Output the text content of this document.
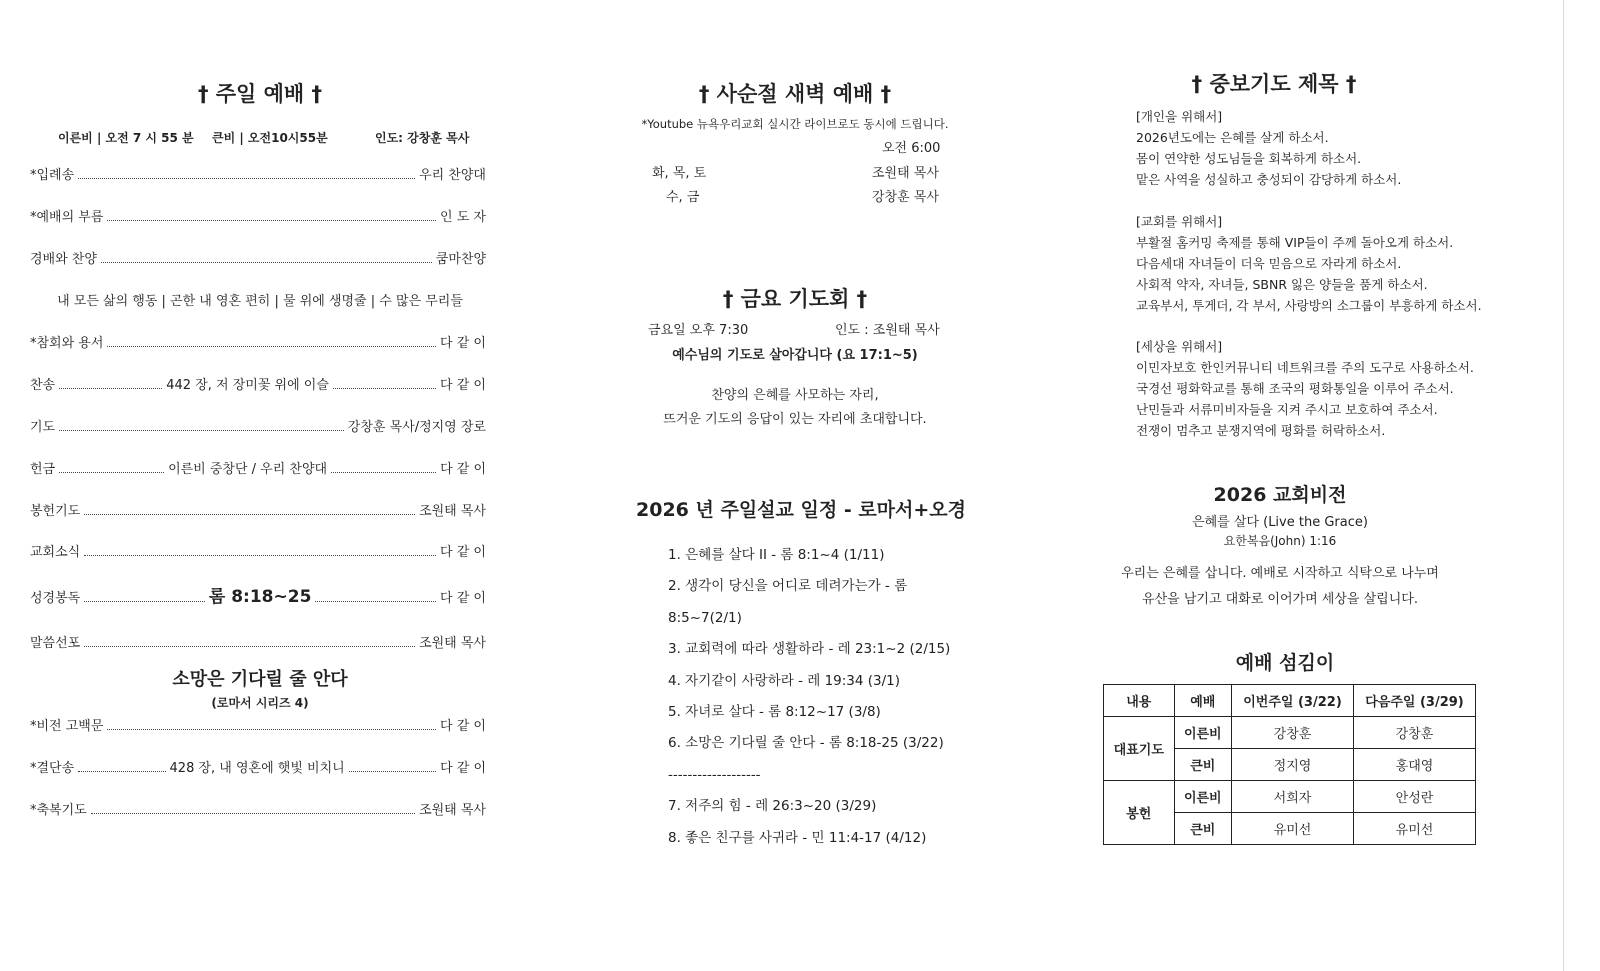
† 주일 예배 †
이른비 | 오전 7 시 55 분 큰비 | 오전10시55분	인도: 강창훈 목사
*입례송	우리 찬양대
*예배의 부름	인 도 자
경배와 찬양	쿰마찬양
내 모든 삶의 행동 | 곤한 내 영혼 편히 | 물 위에 생명줄 | 수 많은 무리들
*참회와 용서	다 같 이
찬송	442 장, 저 장미꽃 위에 이슬	다 같 이
기도	강창훈 목사/정지영 장로
헌금	이른비 중창단 / 우리 찬양대	다 같 이
봉헌기도	조원태 목사
교회소식	다 같 이
성경봉독	롬 8:18~25	다 같 이
말씀선포	조원태 목사
소망은 기다릴 줄 안다
(로마서 시리즈 4)
*비전 고백문	다 같 이
*결단송	428 장, 내 영혼에 햇빛 비치니	다 같 이
*축복기도	조원태 목사
† 사순절 새벽 예배 †
*Youtube 뉴욕우리교회 실시간 라이브로도 동시에 드립니다.
오전 6:00
화, 목, 토	조원태 목사
수, 금	강창훈 목사
† 금요 기도회 †
금요일 오후 7:30	인도 : 조원태 목사
예수님의 기도로 살아갑니다 (요 17:1~5)
찬양의 은혜를 사모하는 자리,
뜨거운 기도의 응답이 있는 자리에 초대합니다.
2026 년 주일설교 일정 - 로마서+오경
1. 은혜를 살다 II - 롬 8:1~4 (1/11)
2. 생각이 당신을 어디로 데려가는가 - 롬 8:5~7(2/1)
3. 교회력에 따라 생활하라 - 레 23:1~2 (2/15)
4. 자기같이 사랑하라 - 레 19:34 (3/1)
5. 자녀로 살다 - 롬 8:12~17 (3/8)
6. 소망은 기다릴 줄 안다 - 롬 8:18-25 (3/22)
-------------------
7. 저주의 힘 - 레 26:3~20 (3/29)
8. 좋은 친구를 사귀라 - 민 11:4-17 (4/12)
† 중보기도 제목 †
[개인을 위해서]
2026년도에는 은혜를 살게 하소서.
몸이 연약한 성도님들을 회복하게 하소서.
맡은 사역을 성실하고 충성되이 감당하게 하소서.
[교회를 위해서]
부활절 홈커밍 축제를 통해 VIP들이 주께 돌아오게 하소서.
다음세대 자녀들이 더욱 믿음으로 자라게 하소서.
사회적 약자, 자녀들, SBNR 잃은 양들을 품게 하소서.
교육부서, 투게더, 각 부서, 사랑방의 소그룹이 부흥하게 하소서.
[세상을 위해서]
이민자보호 한인커뮤니티 네트워크를 주의 도구로 사용하소서.
국경선 평화학교를 통해 조국의 평화통일을 이루어 주소서.
난민들과 서류미비자들을 지켜 주시고 보호하여 주소서.
전쟁이 멈추고 분쟁지역에 평화를 허락하소서.
2026 교회비전
은혜를 살다 (Live the Grace)
요한복음(John) 1:16
우리는 은혜를 삽니다. 예배로 시작하고 식탁으로 나누며
유산을 남기고 대화로 이어가며 세상을 살립니다.
예배 섬김이
내용	예배	이번주일 (3/22)	다음주일 (3/29)
대표기도	이른비	강창훈	강창훈
	큰비	정지영	홍대영
봉헌	이른비	서희자	안성란
	큰비	유미선	유미선
